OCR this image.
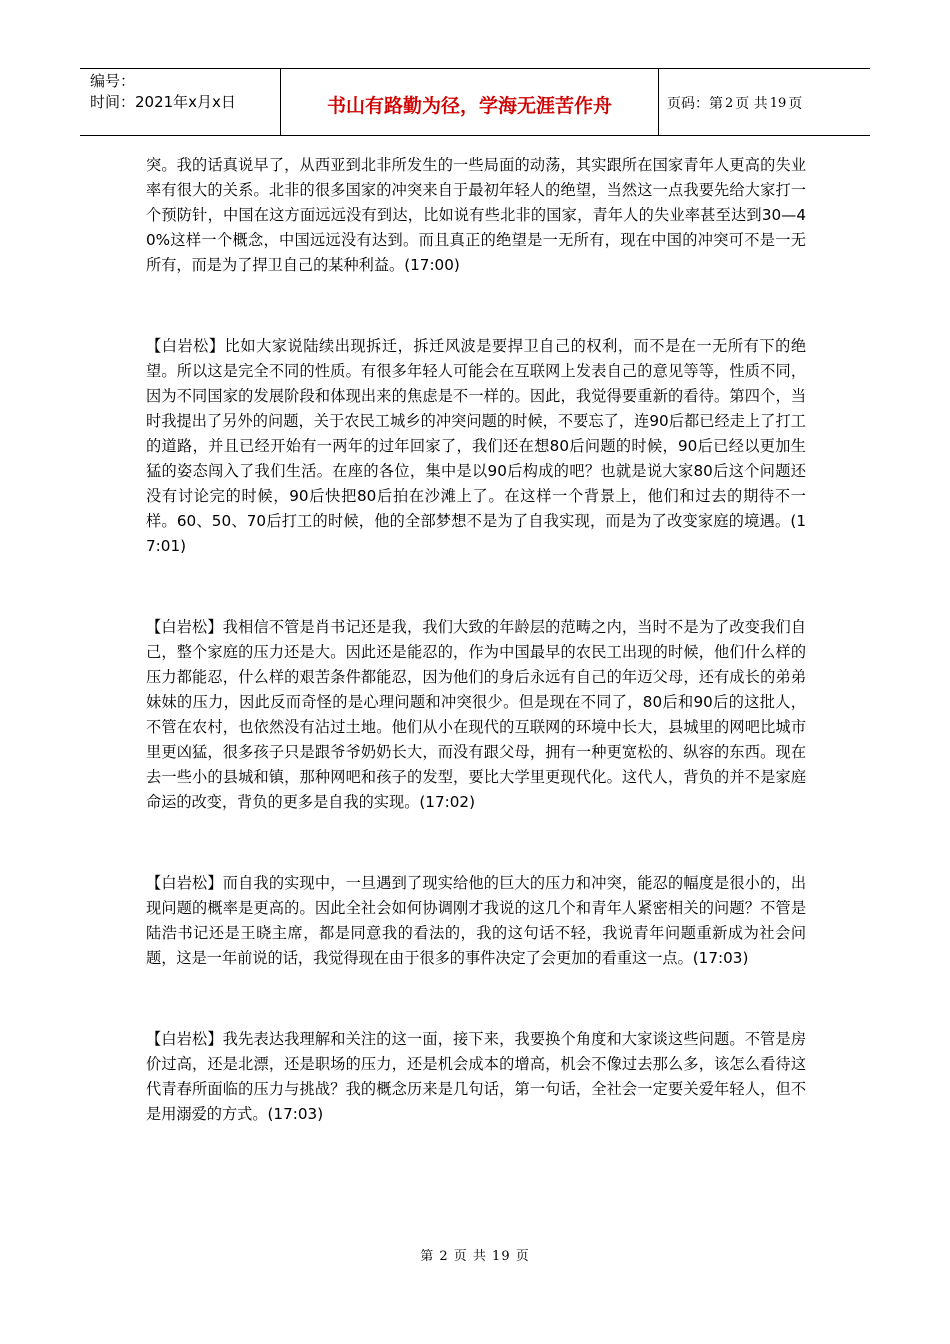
编号：
时间：2021年x月x日	书山有路勤为径，学海无涯苦作舟	页码：第 2 页 共 19 页

突。我的话真说早了，从西亚到北非所发生的一些局面的动荡，其实跟所在国家青年人更高的失业率有很大的关系。北非的很多国家的冲突来自于最初年轻人的绝望，当然这一点我要先给大家打一个预防针，中国在这方面远远没有到达，比如说有些北非的国家，青年人的失业率甚至达到30—40%这样一个概念，中国远远没有达到。而且真正的绝望是一无所有，现在中国的冲突可不是一无所有，而是为了捍卫自己的某种利益。(17:00)

【白岩松】比如大家说陆续出现拆迁，拆迁风波是要捍卫自己的权利，而不是在一无所有下的绝望。所以这是完全不同的性质。有很多年轻人可能会在互联网上发表自己的意见等等，性质不同，因为不同国家的发展阶段和体现出来的焦虑是不一样的。因此，我觉得要重新的看待。第四个，当时我提出了另外的问题，关于农民工城乡的冲突问题的时候，不要忘了，连90后都已经走上了打工的道路，并且已经开始有一两年的过年回家了，我们还在想80后问题的时候，90后已经以更加生猛的姿态闯入了我们生活。在座的各位，集中是以90后构成的吧？也就是说大家80后这个问题还没有讨论完的时候，90后快把80后拍在沙滩上了。在这样一个背景上，他们和过去的期待不一样。60、50、70后打工的时候，他的全部梦想不是为了自我实现，而是为了改变家庭的境遇。(17:01)

【白岩松】我相信不管是肖书记还是我，我们大致的年龄层的范畴之内，当时不是为了改变我们自己，整个家庭的压力还是大。因此还是能忍的，作为中国最早的农民工出现的时候，他们什么样的压力都能忍，什么样的艰苦条件都能忍，因为他们的身后永远有自己的年迈父母，还有成长的弟弟妹妹的压力，因此反而奇怪的是心理问题和冲突很少。但是现在不同了，80后和90后的这批人，不管在农村，也依然没有沾过土地。他们从小在现代的互联网的环境中长大，县城里的网吧比城市里更凶猛，很多孩子只是跟爷爷奶奶长大，而没有跟父母，拥有一种更宽松的、纵容的东西。现在去一些小的县城和镇，那种网吧和孩子的发型，要比大学里更现代化。这代人，背负的并不是家庭命运的改变，背负的更多是自我的实现。(17:02)

【白岩松】而自我的实现中，一旦遇到了现实给他的巨大的压力和冲突，能忍的幅度是很小的，出现问题的概率是更高的。因此全社会如何协调刚才我说的这几个和青年人紧密相关的问题？不管是陆浩书记还是王晓主席，都是同意我的看法的，我的这句话不轻，我说青年问题重新成为社会问题，这是一年前说的话，我觉得现在由于很多的事件决定了会更加的看重这一点。(17:03)

【白岩松】我先表达我理解和关注的这一面，接下来，我要换个角度和大家谈这些问题。不管是房价过高，还是北漂，还是职场的压力，还是机会成本的增高，机会不像过去那么多，该怎么看待这代青春所面临的压力与挑战？我的概念历来是几句话，第一句话，全社会一定要关爱年轻人，但不是用溺爱的方式。(17:03)

第 2 页 共 19 页
